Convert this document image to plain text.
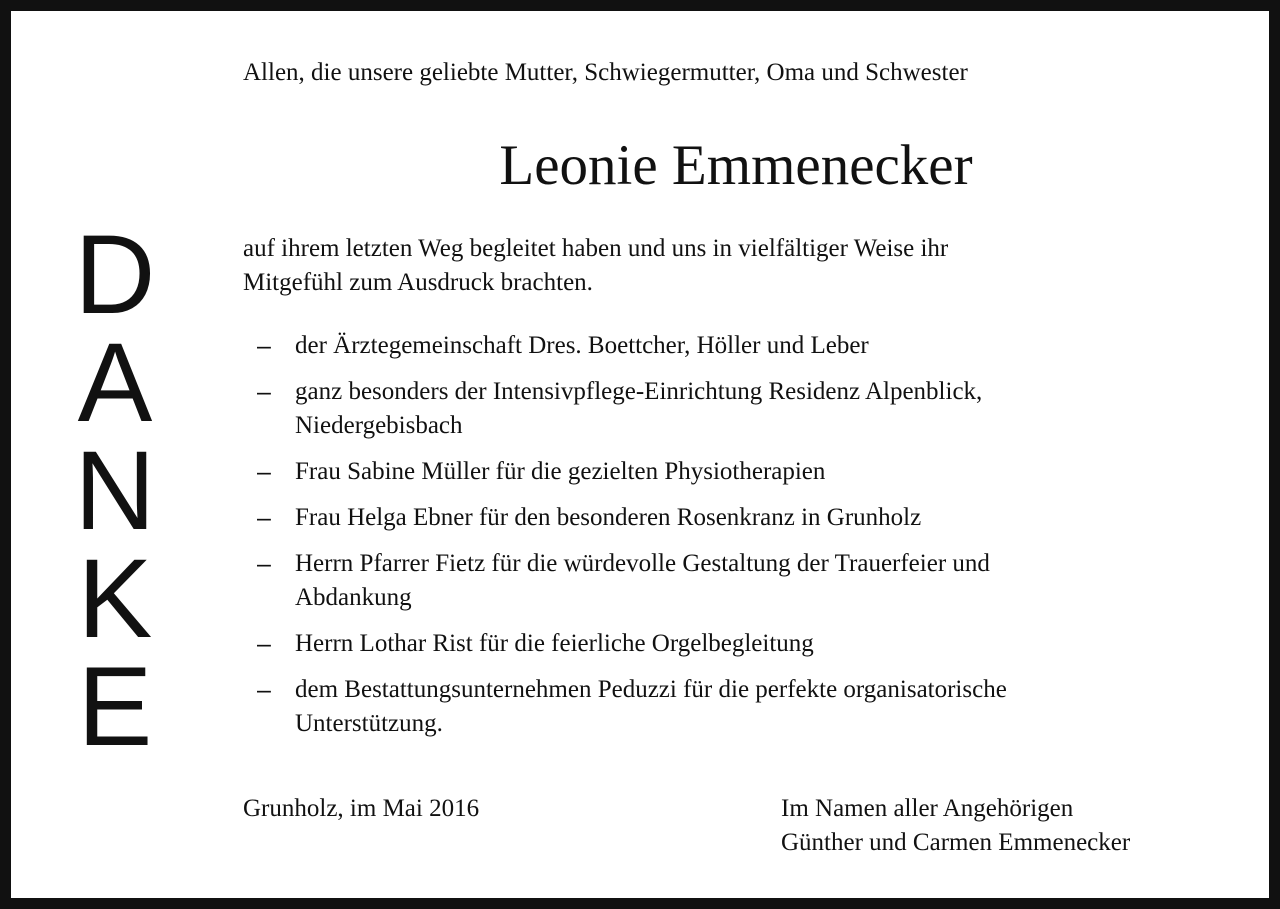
D
A
N
K
E
Allen, die unsere geliebte Mutter, Schwiegermutter, Oma und Schwester
Leonie Emmenecker
auf ihrem letzten Weg begleitet haben und uns in vielfältiger Weise ihr
Mitgefühl zum Ausdruck brachten.
– der Ärztegemeinschaft Dres. Boettcher, Höller und Leber
– ganz besonders der Intensivpflege-Einrichtung Residenz Alpenblick,
Niedergebisbach
– Frau Sabine Müller für die gezielten Physiotherapien
– Frau Helga Ebner für den besonderen Rosenkranz in Grunholz
– Herrn Pfarrer Fietz für die würdevolle Gestaltung der Trauerfeier und
Abdankung
– Herrn Lothar Rist für die feierliche Orgelbegleitung
– dem Bestattungsunternehmen Peduzzi für die perfekte organisatorische
Unterstützung.
Grunholz, im Mai 2016	Im Namen aller Angehörigen
Günther und Carmen Emmenecker
